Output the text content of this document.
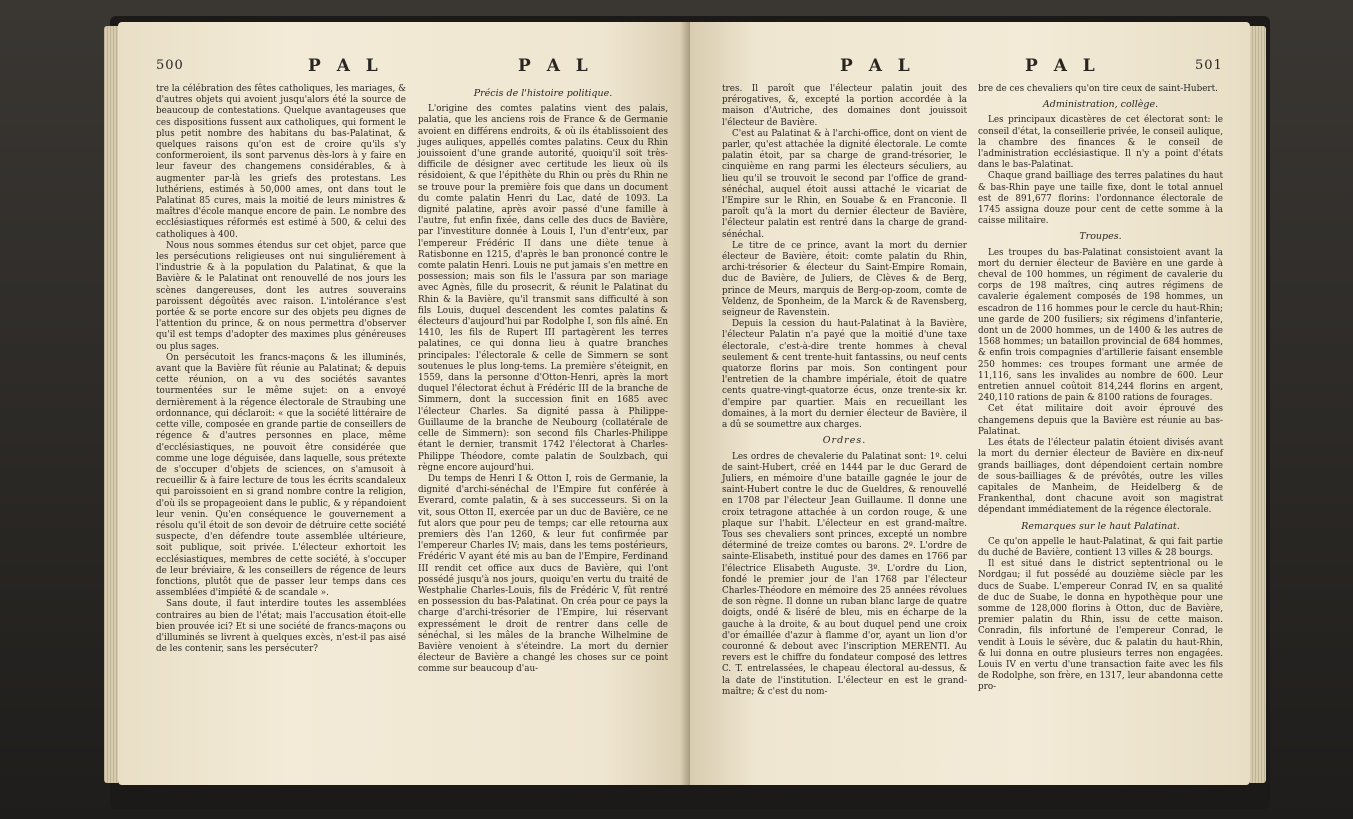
500	P A L	P A L

tre la célébration des fêtes catholiques, les mariages, & d'autres objets qui avoient jusqu'alors été la source de beaucoup de contestations. Quelque avantageuses que ces dispositions fussent aux catholiques, qui forment le plus petit nombre des habitans du bas-Palatinat, & quelques raisons qu'on est de croire qu'ils s'y conformeroient, ils sont parvenus dès-lors à y faire en leur faveur des changemens considérables, & à augmenter par-là les griefs des protestans. Les luthériens, estimés à 50,000 ames, ont dans tout le Palatinat 85 cures, mais la moitié de leurs ministres & maîtres d'école manque encore de pain. Le nombre des ecclésiastiques réformés est estimé à 500, & celui des catholiques à 400.

Nous nous sommes étendus sur cet objet, parce que les persécutions religieuses ont nui singuliérement à l'industrie & à la population du Palatinat, & que la Bavière & le Palatinat ont renouvellé de nos jours les scènes dangereuses, dont les autres souverains paroissent dégoûtés avec raison. L'intolérance s'est portée & se porte encore sur des objets peu dignes de l'attention du prince, & on nous permettra d'observer qu'il est temps d'adopter des maximes plus généreuses ou plus sages.

On persécutoit les francs-maçons & les illuminés, avant que la Bavière fût réunie au Palatinat; & depuis cette réunion, on a vu des sociétés savantes tourmentées sur le même sujet: on a envoyé dernièrement à la régence électorale de Straubing une ordonnance, qui déclaroit: « que la société littéraire de cette ville, composée en grande partie de conseillers de régence & d'autres personnes en place, même d'ecclésiastiques, ne pouvoit être considérée que comme une loge déguisée, dans laquelle, sous prétexte de s'occuper d'objets de sciences, on s'amusoit à recueillir & à faire lecture de tous les écrits scandaleux qui paroissoient en si grand nombre contre la religion, d'où ils se propageoient dans le public, & y répandoient leur venin. Qu'en conséquence le gouvernement a résolu qu'il étoit de son devoir de détruire cette société suspecte, d'en défendre toute assemblée ultérieure, soit publique, soit privée. L'électeur exhortoit les ecclésiastiques, membres de cette société, à s'occuper de leur bréviaire, & les conseillers de régence de leurs fonctions, plutôt que de passer leur temps dans ces assemblées d'impiété & de scandale ».

Sans doute, il faut interdire toutes les assemblées contraires au bien de l'état; mais l'accusation étoit-elle bien prouvée ici? Et si une société de francs-maçons ou d'illuminés se livrent à quelques excès, n'est-il pas aisé de les contenir, sans les persécuter?

Précis de l'histoire politique.

L'origine des comtes palatins vient des palais, palatia, que les anciens rois de France & de Germanie avoient en différens endroits, & où ils établissoient des juges auliques, appellés comtes palatins. Ceux du Rhin jouissoient d'une grande autorité, quoiqu'il soit très-difficile de désigner avec certitude les lieux où ils résidoient, & que l'épithète du Rhin ou près du Rhin ne se trouve pour la première fois que dans un document du comte palatin Henri du Lac, daté de 1093. La dignité palatine, après avoir passé d'une famille à l'autre, fut enfin fixée, dans celle des ducs de Bavière, par l'investiture donnée à Louis I, l'un d'entr'eux, par l'empereur Frédéric II dans une diète tenue à Ratisbonne en 1215, d'après le ban prononcé contre le comte palatin Henri. Louis ne put jamais s'en mettre en possession; mais son fils le l'assura par son mariage avec Agnès, fille du prosecrit, & réunit le Palatinat du Rhin & la Bavière, qu'il transmit sans difficulté à son fils Louis, duquel descendent les comtes palatins & électeurs d'aujourd'hui par Rodolphe I, son fils aîné. En 1410, les fils de Rupert III partagèrent les terres palatines, ce qui donna lieu à quatre branches principales: l'électorale & celle de Simmern se sont soutenues le plus long-tems. La première s'éteignit, en 1559, dans la personne d'Otton-Henri, après la mort duquel l'électorat échut à Frédéric III de la branche de Simmern, dont la succession finit en 1685 avec l'électeur Charles. Sa dignité passa à Philippe-Guillaume de la branche de Neubourg (collatérale de celle de Simmern): son second fils Charles-Philippe étant le dernier, transmit 1742 l'électorat à Charles-Philippe Théodore, comte palatin de Soulzbach, qui règne encore aujourd'hui.

Du temps de Henri I & Otton I, rois de Germanie, la dignité d'archi-sénéchal de l'Empire fut conférée à Everard, comte palatin, & à ses successeurs. Si on la vit, sous Otton II, exercée par un duc de Bavière, ce ne fut alors que pour peu de temps; car elle retourna aux premiers dès l'an 1260, & leur fut confirmée par l'empereur Charles IV; mais, dans les tems postérieurs, Frédéric V ayant été mis au ban de l'Empire, Ferdinand III rendit cet office aux ducs de Bavière, qui l'ont possédé jusqu'à nos jours, quoiqu'en vertu du traité de Westphalie Charles-Louis, fils de Frédéric V, fût rentré en possession du bas-Palatinat. On créa pour ce pays la charge d'archi-trésorier de l'Empire, lui réservant expressément le droit de rentrer dans celle de sénéchal, si les mâles de la branche Wilhelmine de Bavière venoient à s'éteindre. La mort du dernier électeur de Bavière a changé les choses sur ce point comme sur beaucoup d'au-

P A L	P A L	501

tres. Il paroît que l'électeur palatin jouit des prérogatives, &, excepté la portion accordée à la maison d'Autriche, des domaines dont jouissoit l'électeur de Bavière.

C'est au Palatinat & à l'archi-office, dont on vient de parler, qu'est attachée la dignité électorale. Le comte palatin étoit, par sa charge de grand-trésorier, le cinquième en rang parmi les électeurs séculiers, au lieu qu'il se trouvoit le second par l'office de grand-sénéchal, auquel étoit aussi attaché le vicariat de l'Empire sur le Rhin, en Souabe & en Franconie. Il paroît qu'à la mort du dernier électeur de Bavière, l'électeur palatin est rentré dans la charge de grand-sénéchal.

Le titre de ce prince, avant la mort du dernier électeur de Bavière, étoit: comte palatin du Rhin, archi-trésorier & électeur du Saint-Empire Romain, duc de Bavière, de Juliers, de Clèves & de Berg, prince de Meurs, marquis de Berg-op-zoom, comte de Veldenz, de Sponheim, de la Marck & de Ravensberg, seigneur de Ravenstein.

Depuis la cession du haut-Palatinat à la Bavière, l'électeur Palatin n'a payé que la moitié d'une taxe électorale, c'est-à-dire trente hommes à cheval seulement & cent trente-huit fantassins, ou neuf cents quatorze florins par mois. Son contingent pour l'entretien de la chambre impériale, étoit de quatre cents quatre-vingt-quatorze écus, onze trente-six kr. d'empire par quartier. Mais en recueillant les domaines, à la mort du dernier électeur de Bavière, il a dû se soumettre aux charges.

Ordres.

Les ordres de chevalerie du Palatinat sont: 1º. celui de saint-Hubert, créé en 1444 par le duc Gerard de Juliers, en mémoire d'une bataille gagnée le jour de saint-Hubert contre le duc de Gueldres, & renouvellé en 1708 par l'électeur Jean Guillaume. Il donne une croix tetragone attachée à un cordon rouge, & une plaque sur l'habit. L'électeur en est grand-maître. Tous ses chevaliers sont princes, excepté un nombre déterminé de treize comtes ou barons. 2º. L'ordre de sainte-Elisabeth, institué pour des dames en 1766 par l'électrice Elisabeth Auguste. 3º. L'ordre du Lion, fondé le premier jour de l'an 1768 par l'électeur Charles-Théodore en mémoire des 25 années révolues de son règne. Il donne un ruban blanc large de quatre doigts, ondé & liséré de bleu, mis en écharpe de la gauche à la droite, & au bout duquel pend une croix d'or émaillée d'azur à flamme d'or, ayant un lion d'or couronné & debout avec l'inscription MERENTI. Au revers est le chiffre du fondateur composé des lettres C. T. entrelassées, le chapeau électoral au-dessus, & la date de l'institution. L'électeur en est le grand-maître; & c'est du nom-

bre de ces chevaliers qu'on tire ceux de saint-Hubert.

Administration, collège.

Les principaux dicastères de cet électorat sont: le conseil d'état, la conseillerie privée, le conseil aulique, la chambre des finances & le conseil de l'administration ecclésiastique. Il n'y a point d'états dans le bas-Palatinat.

Chaque grand bailliage des terres palatines du haut & bas-Rhin paye une taille fixe, dont le total annuel est de 891,677 florins: l'ordonnance électorale de 1745 assigna douze pour cent de cette somme à la caisse militaire.

Troupes.

Les troupes du bas-Palatinat consistoient avant la mort du dernier électeur de Bavière en une garde à cheval de 100 hommes, un régiment de cavalerie du corps de 198 maîtres, cinq autres régimens de cavalerie également composés de 198 hommes, un escadron de 116 hommes pour le cercle du haut-Rhin; une garde de 200 fusiliers; six régimens d'infanterie, dont un de 2000 hommes, un de 1400 & les autres de 1568 hommes; un bataillon provincial de 684 hommes, & enfin trois compagnies d'artillerie faisant ensemble 250 hommes: ces troupes formant une armée de 11,116, sans les invalides au nombre de 600. Leur entretien annuel coûtoit 814,244 florins en argent, 240,110 rations de pain & 8100 rations de fourages.

Cet état militaire doit avoir éprouvé des changemens depuis que la Bavière est réunie au bas-Palatinat.

Les états de l'électeur palatin étoient divisés avant la mort du dernier électeur de Bavière en dix-neuf grands bailliages, dont dépendoient certain nombre de sous-bailliages & de prévôtés, outre les villes capitales de Manheim, de Heidelberg & de Frankenthal, dont chacune avoit son magistrat dépendant immédiatement de la régence électorale.

Remarques sur le haut Palatinat.

Ce qu'on appelle le haut-Palatinat, & qui fait partie du duché de Bavière, contient 13 villes & 28 bourgs.

Il est situé dans le district septentrional ou le Nordgau; il fut possédé au douzième siècle par les ducs de Suabe. L'empereur Conrad IV, en sa qualité de duc de Suabe, le donna en hypothèque pour une somme de 128,000 florins à Otton, duc de Bavière, premier palatin du Rhin, issu de cette maison. Conradin, fils infortuné de l'empereur Conrad, le vendit à Louis le sévère, duc & palatin du haut-Rhin, & lui donna en outre plusieurs terres non engagées. Louis IV en vertu d'une transaction faite avec les fils de Rodolphe, son frère, en 1317, leur abandonna cette pro-
